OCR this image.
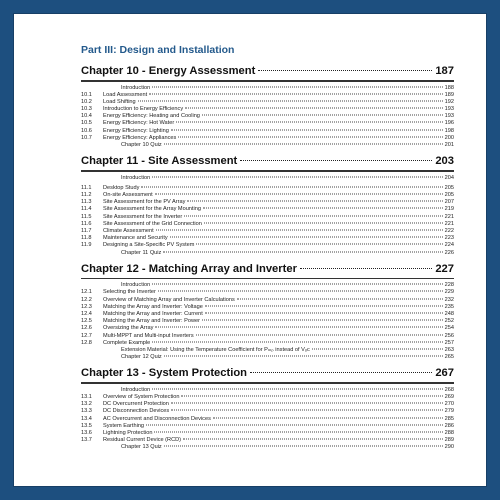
Part III: Design and Installation
Chapter 10 - Energy Assessment	187
Introduction	188
10.1	Load Assessment	189
10.2	Load Shifting	192
10.3	Introduction to Energy Efficiency	193
10.4	Energy Efficiency: Heating and Cooling	193
10.5	Energy Efficiency: Hot Water	196
10.6	Energy Efficiency: Lighting	198
10.7	Energy Efficiency: Appliances	200
Chapter 10 Quiz	201
Chapter 11 - Site Assessment	203
Introduction	204
11.1	Desktop Study	205
11.2	On-site Assessment	205
11.3	Site Assessment for the PV Array	207
11.4	Site Assessment for the Array Mounting	219
11.5	Site Assessment for the Inverter	221
11.6	Site Assessment of the Grid Connection	221
11.7	Climate Assessment	222
11.8	Maintenance and Security	223
11.9	Designing a Site-Specific PV System	224
Chapter 11 Quiz	226
Chapter 12 - Matching Array and Inverter	227
Introduction	228
12.1	Selecting the Inverter	229
12.2	Overview of Matching Array and Inverter Calculations	232
12.3	Matching the Array and Inverter: Voltage	235
12.4	Matching the Array and Inverter: Current	248
12.5	Matching the Array and Inverter: Power	252
12.6	Oversizing the Array	254
12.7	Multi-MPPT and Multi-input Inverters	256
12.8	Complete Example	257
Extension Material: Using the Temperature Coefficient for Pₘₚ instead of Vₒc	263
Chapter 12 Quiz	265
Chapter 13 - System Protection	267
Introduction	268
13.1	Overview of System Protection	269
13.2	DC Overcurrent Protection	270
13.3	DC Disconnection Devices	279
13.4	AC Overcurrent and Disconnection Devices	285
13.5	System Earthing	286
13.6	Lightning Protection	288
13.7	Residual Current Device (RCD)	289
Chapter 13 Quiz	290
